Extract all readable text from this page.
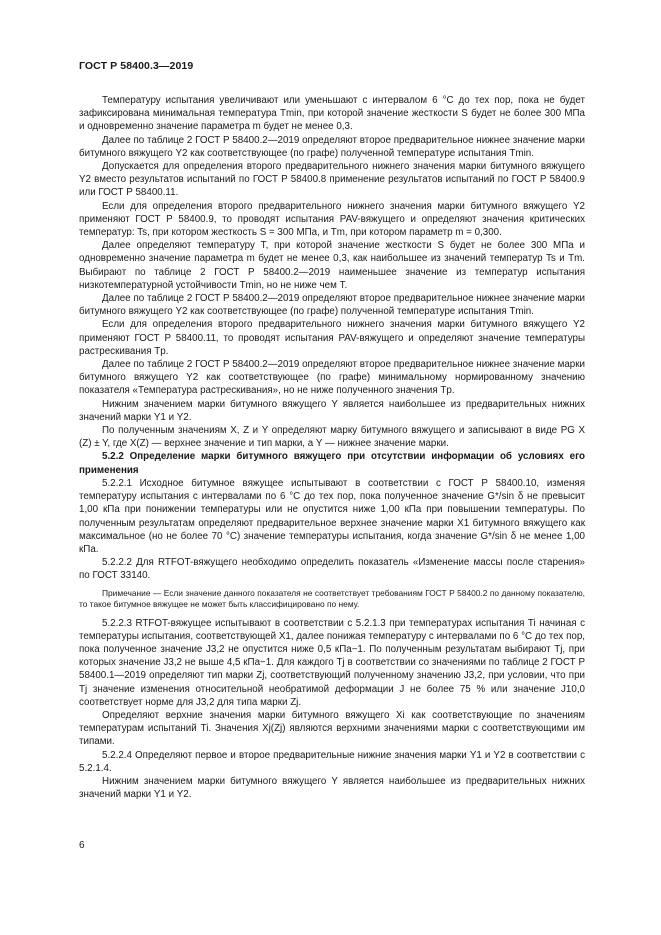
ГОСТ Р 58400.3—2019

Температуру испытания увеличивают или уменьшают с интервалом 6 °С до тех пор, пока не будет зафиксирована минимальная температура Tmin, при которой значение жесткости S будет не более 300 МПа и одновременно значение параметра m будет не менее 0,3.

Далее по таблице 2 ГОСТ Р 58400.2—2019 определяют второе предварительное нижнее значение марки битумного вяжущего Y2 как соответствующее (по графе) полученной температуре испытания Tmin.

Допускается для определения второго предварительного нижнего значения марки битумного вяжущего Y2 вместо результатов испытаний по ГОСТ Р 58400.8 применение результатов испытаний по ГОСТ Р 58400.9 или ГОСТ Р 58400.11.

Если для определения второго предварительного нижнего значения марки битумного вяжущего Y2 применяют ГОСТ Р 58400.9, то проводят испытания PAV-вяжущего и определяют значения критических температур: Ts, при котором жесткость S = 300 МПа, и Tm, при котором параметр m = 0,300.

Далее определяют температуру T, при которой значение жесткости S будет не более 300 МПа и одновременно значение параметра m будет не менее 0,3, как наибольшее из значений температур Ts и Tm. Выбирают по таблице 2 ГОСТ Р 58400.2—2019 наименьшее значение из температур испытания низкотемпературной устойчивости Tmin, но не ниже чем T.

Далее по таблице 2 ГОСТ Р 58400.2—2019 определяют второе предварительное нижнее значение марки битумного вяжущего Y2 как соответствующее (по графе) полученной температуре испытания Tmin.

Если для определения второго предварительного нижнего значения марки битумного вяжущего Y2 применяют ГОСТ Р 58400.11, то проводят испытания PAV-вяжущего и определяют значение температуры растрескивания Tр.

Далее по таблице 2 ГОСТ Р 58400.2—2019 определяют второе предварительное нижнее значение марки битумного вяжущего Y2 как соответствующее (по графе) минимальному нормированному значению показателя «Температура растрескивания», но не ниже полученного значения Tр.

Нижним значением марки битумного вяжущего Y является наибольшее из предварительных нижних значений марки Y1 и Y2.

По полученным значениям X, Z и Y определяют марку битумного вяжущего и записывают в виде PG X (Z) ± Y, где X(Z) — верхнее значение и тип марки, а Y — нижнее значение марки.

5.2.2 Определение марки битумного вяжущего при отсутствии информации об условиях его применения

5.2.2.1 Исходное битумное вяжущее испытывают в соответствии с ГОСТ Р 58400.10, изменяя температуру испытания с интервалами по 6 °С до тех пор, пока полученное значение G*/sin δ не превысит 1,00 кПа при понижении температуры или не опустится ниже 1,00 кПа при повышении температуры. По полученным результатам определяют предварительное верхнее значение марки X1 битумного вяжущего как максимальное (но не более 70 °С) значение температуры испытания, когда значение G*/sin δ не менее 1,00 кПа.

5.2.2.2 Для RTFOT-вяжущего необходимо определить показатель «Изменение массы после старения» по ГОСТ 33140.

Примечание — Если значение данного показателя не соответствует требованиям ГОСТ Р 58400.2 по данному показателю, то такое битумное вяжущее не может быть классифицировано по нему.

5.2.2.3 RTFOT-вяжущее испытывают в соответствии с 5.2.1.3 при температурах испытания Ti начиная с температуры испытания, соответствующей X1, далее понижая температуру с интервалами по 6 °С до тех пор, пока полученное значение J3,2 не опустится ниже 0,5 кПа−1. По полученным результатам выбирают Tj, при которых значение J3,2 не выше 4,5 кПа−1. Для каждого Tj в соответствии со значениями по таблице 2 ГОСТ Р 58400.1—2019 определяют тип марки Zj, соответствующий полученному значению J3,2, при условии, что при Tj значение изменения относительной необратимой деформации J не более 75 % или значение J10,0 соответствует норме для J3,2 для типа марки Zj.

Определяют верхние значения марки битумного вяжущего Xi как соответствующие по значениям температурам испытаний Ti. Значения Xj(Zj) являются верхними значениями марки с соответствующими им типами.

5.2.2.4 Определяют первое и второе предварительные нижние значения марки Y1 и Y2 в соответствии с 5.2.1.4.

Нижним значением марки битумного вяжущего Y является наибольшее из предварительных нижних значений марки Y1 и Y2.

6
